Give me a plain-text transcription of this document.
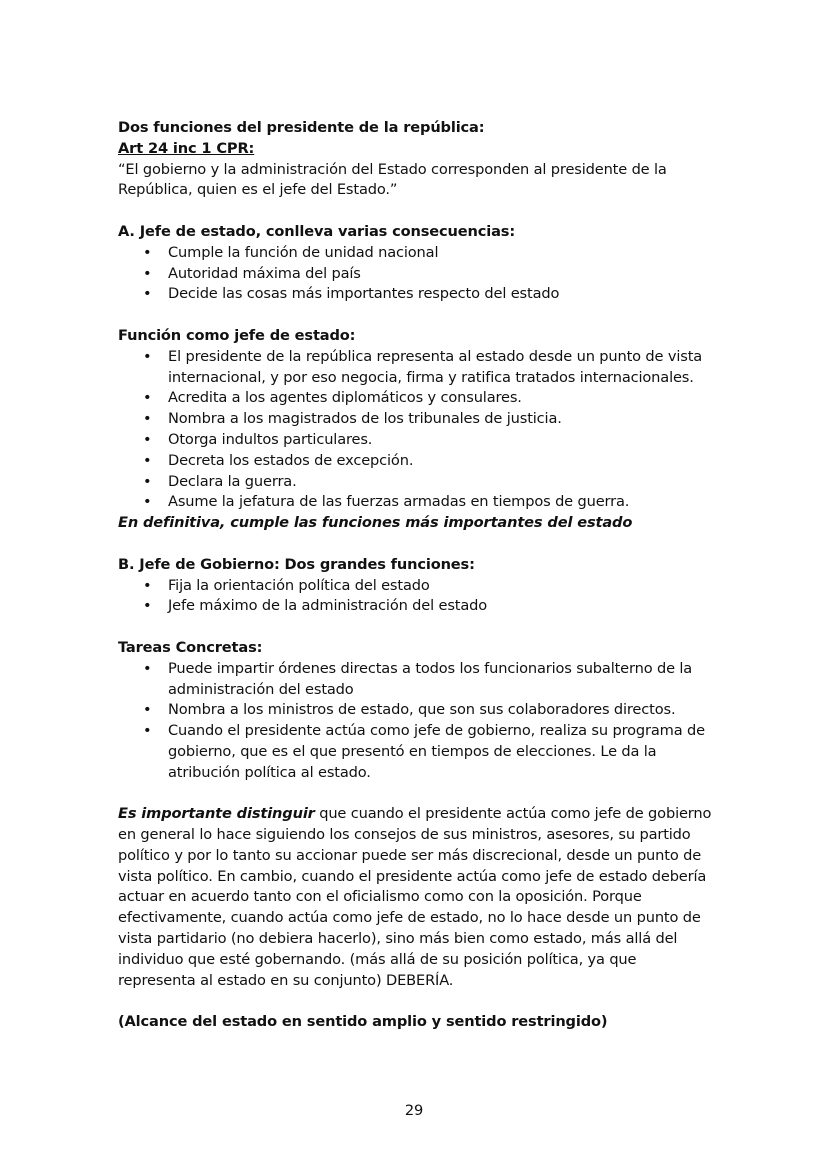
Dos funciones del presidente de la república:
Art 24 inc 1 CPR:
“El gobierno y la administración del Estado corresponden al presidente de la República, quien es el jefe del Estado.”
A. Jefe de estado, conlleva varias consecuencias:
• Cumple la función de unidad nacional
• Autoridad máxima del país
• Decide las cosas más importantes respecto del estado
Función como jefe de estado:
• El presidente de la república representa al estado desde un punto de vista internacional, y por eso negocia, firma y ratifica tratados internacionales.
• Acredita a los agentes diplomáticos y consulares.
• Nombra a los magistrados de los tribunales de justicia.
• Otorga indultos particulares.
• Decreta los estados de excepción.
• Declara la guerra.
• Asume la jefatura de las fuerzas armadas en tiempos de guerra.
En definitiva, cumple las funciones más importantes del estado
B. Jefe de Gobierno: Dos grandes funciones:
• Fija la orientación política del estado
• Jefe máximo de la administración del estado
Tareas Concretas:
• Puede impartir órdenes directas a todos los funcionarios subalterno de la administración del estado
• Nombra a los ministros de estado, que son sus colaboradores directos.
• Cuando el presidente actúa como jefe de gobierno, realiza su programa de gobierno, que es el que presentó en tiempos de elecciones. Le da la atribución política al estado.

Es importante distinguir que cuando el presidente actúa como jefe de gobierno en general lo hace siguiendo los consejos de sus ministros, asesores, su partido político y por lo tanto su accionar puede ser más discrecional, desde un punto de vista político. En cambio, cuando el presidente actúa como jefe de estado debería actuar en acuerdo tanto con el oficialismo como con la oposición. Porque efectivamente, cuando actúa como jefe de estado, no lo hace desde un punto de vista partidario (no debiera hacerlo), sino más bien como estado, más allá del individuo que esté gobernando. (más allá de su posición política, ya que representa al estado en su conjunto) DEBERÍA.

(Alcance del estado en sentido amplio y sentido restringido)
29
